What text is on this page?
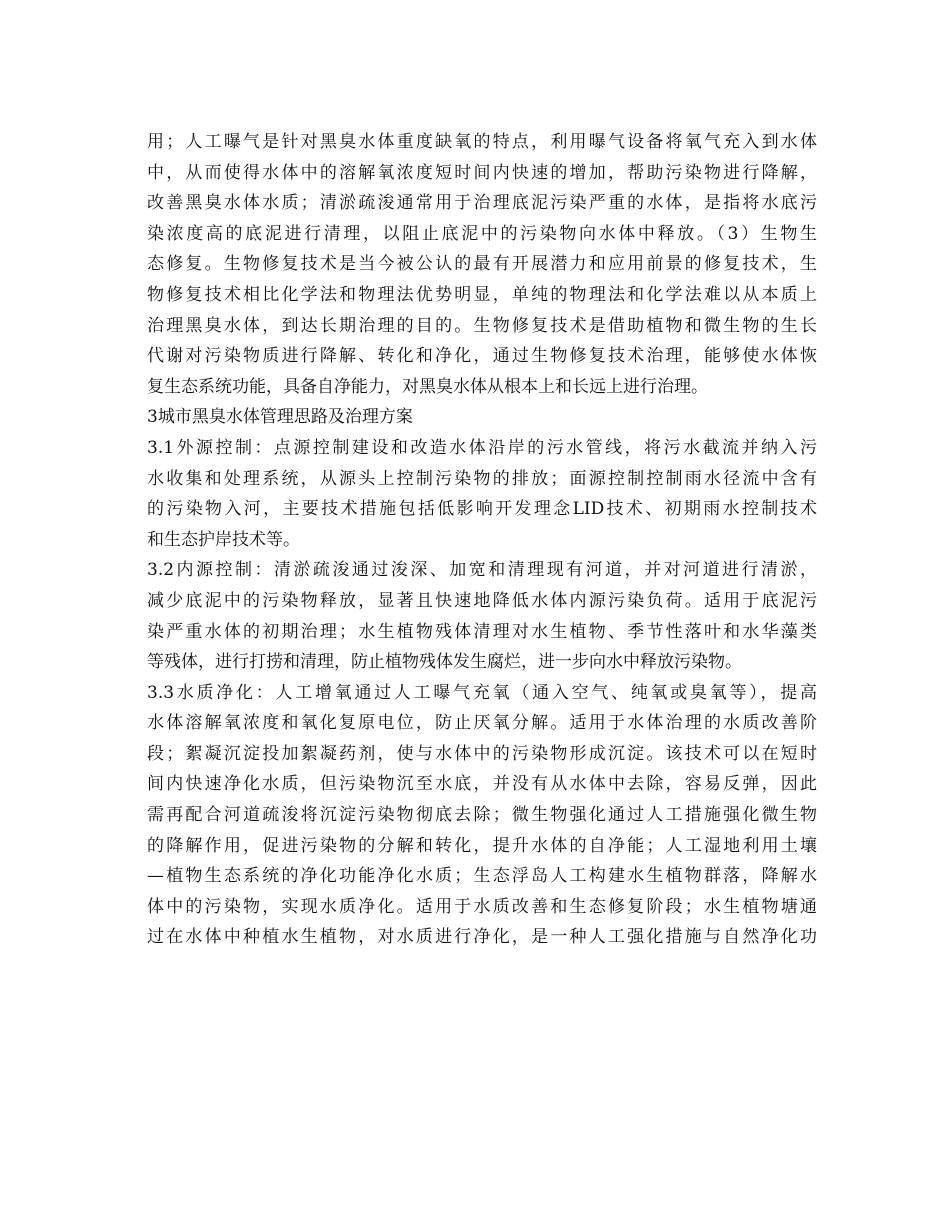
用；人工曝气是针对黑臭水体重度缺氧的特点，利用曝气设备将氧气充入到水体
中，从而使得水体中的溶解氧浓度短时间内快速的增加，帮助污染物进行降解，
改善黑臭水体水质；清淤疏浚通常用于治理底泥污染严重的水体，是指将水底污
染浓度高的底泥进行清理，以阻止底泥中的污染物向水体中释放。（3）生物生
态修复。生物修复技术是当今被公认的最有开展潜力和应用前景的修复技术，生
物修复技术相比化学法和物理法优势明显，单纯的物理法和化学法难以从本质上
治理黑臭水体，到达长期治理的目的。生物修复技术是借助植物和微生物的生长
代谢对污染物质进行降解、转化和净化，通过生物修复技术治理，能够使水体恢
复生态系统功能，具备自净能力，对黑臭水体从根本上和长远上进行治理。
3城市黑臭水体管理思路及治理方案
3.1外源控制：点源控制建设和改造水体沿岸的污水管线，将污水截流并纳入污
水收集和处理系统，从源头上控制污染物的排放；面源控制控制雨水径流中含有
的污染物入河，主要技术措施包括低影响开发理念LID技术、初期雨水控制技术
和生态护岸技术等。
3.2内源控制：清淤疏浚通过浚深、加宽和清理现有河道，并对河道进行清淤，
减少底泥中的污染物释放，显著且快速地降低水体内源污染负荷。适用于底泥污
染严重水体的初期治理；水生植物残体清理对水生植物、季节性落叶和水华藻类
等残体，进行打捞和清理，防止植物残体发生腐烂，进一步向水中释放污染物。
3.3水质净化：人工增氧通过人工曝气充氧（通入空气、纯氧或臭氧等），提高
水体溶解氧浓度和氧化复原电位，防止厌氧分解。适用于水体治理的水质改善阶
段；絮凝沉淀投加絮凝药剂，使与水体中的污染物形成沉淀。该技术可以在短时
间内快速净化水质，但污染物沉至水底，并没有从水体中去除，容易反弹，因此
需再配合河道疏浚将沉淀污染物彻底去除；微生物强化通过人工措施强化微生物
的降解作用，促进污染物的分解和转化，提升水体的自净能；人工湿地利用土壤
—植物生态系统的净化功能净化水质；生态浮岛人工构建水生植物群落，降解水
体中的污染物，实现水质净化。适用于水质改善和生态修复阶段；水生植物塘通
过在水体中种植水生植物，对水质进行净化，是一种人工强化措施与自然净化功
